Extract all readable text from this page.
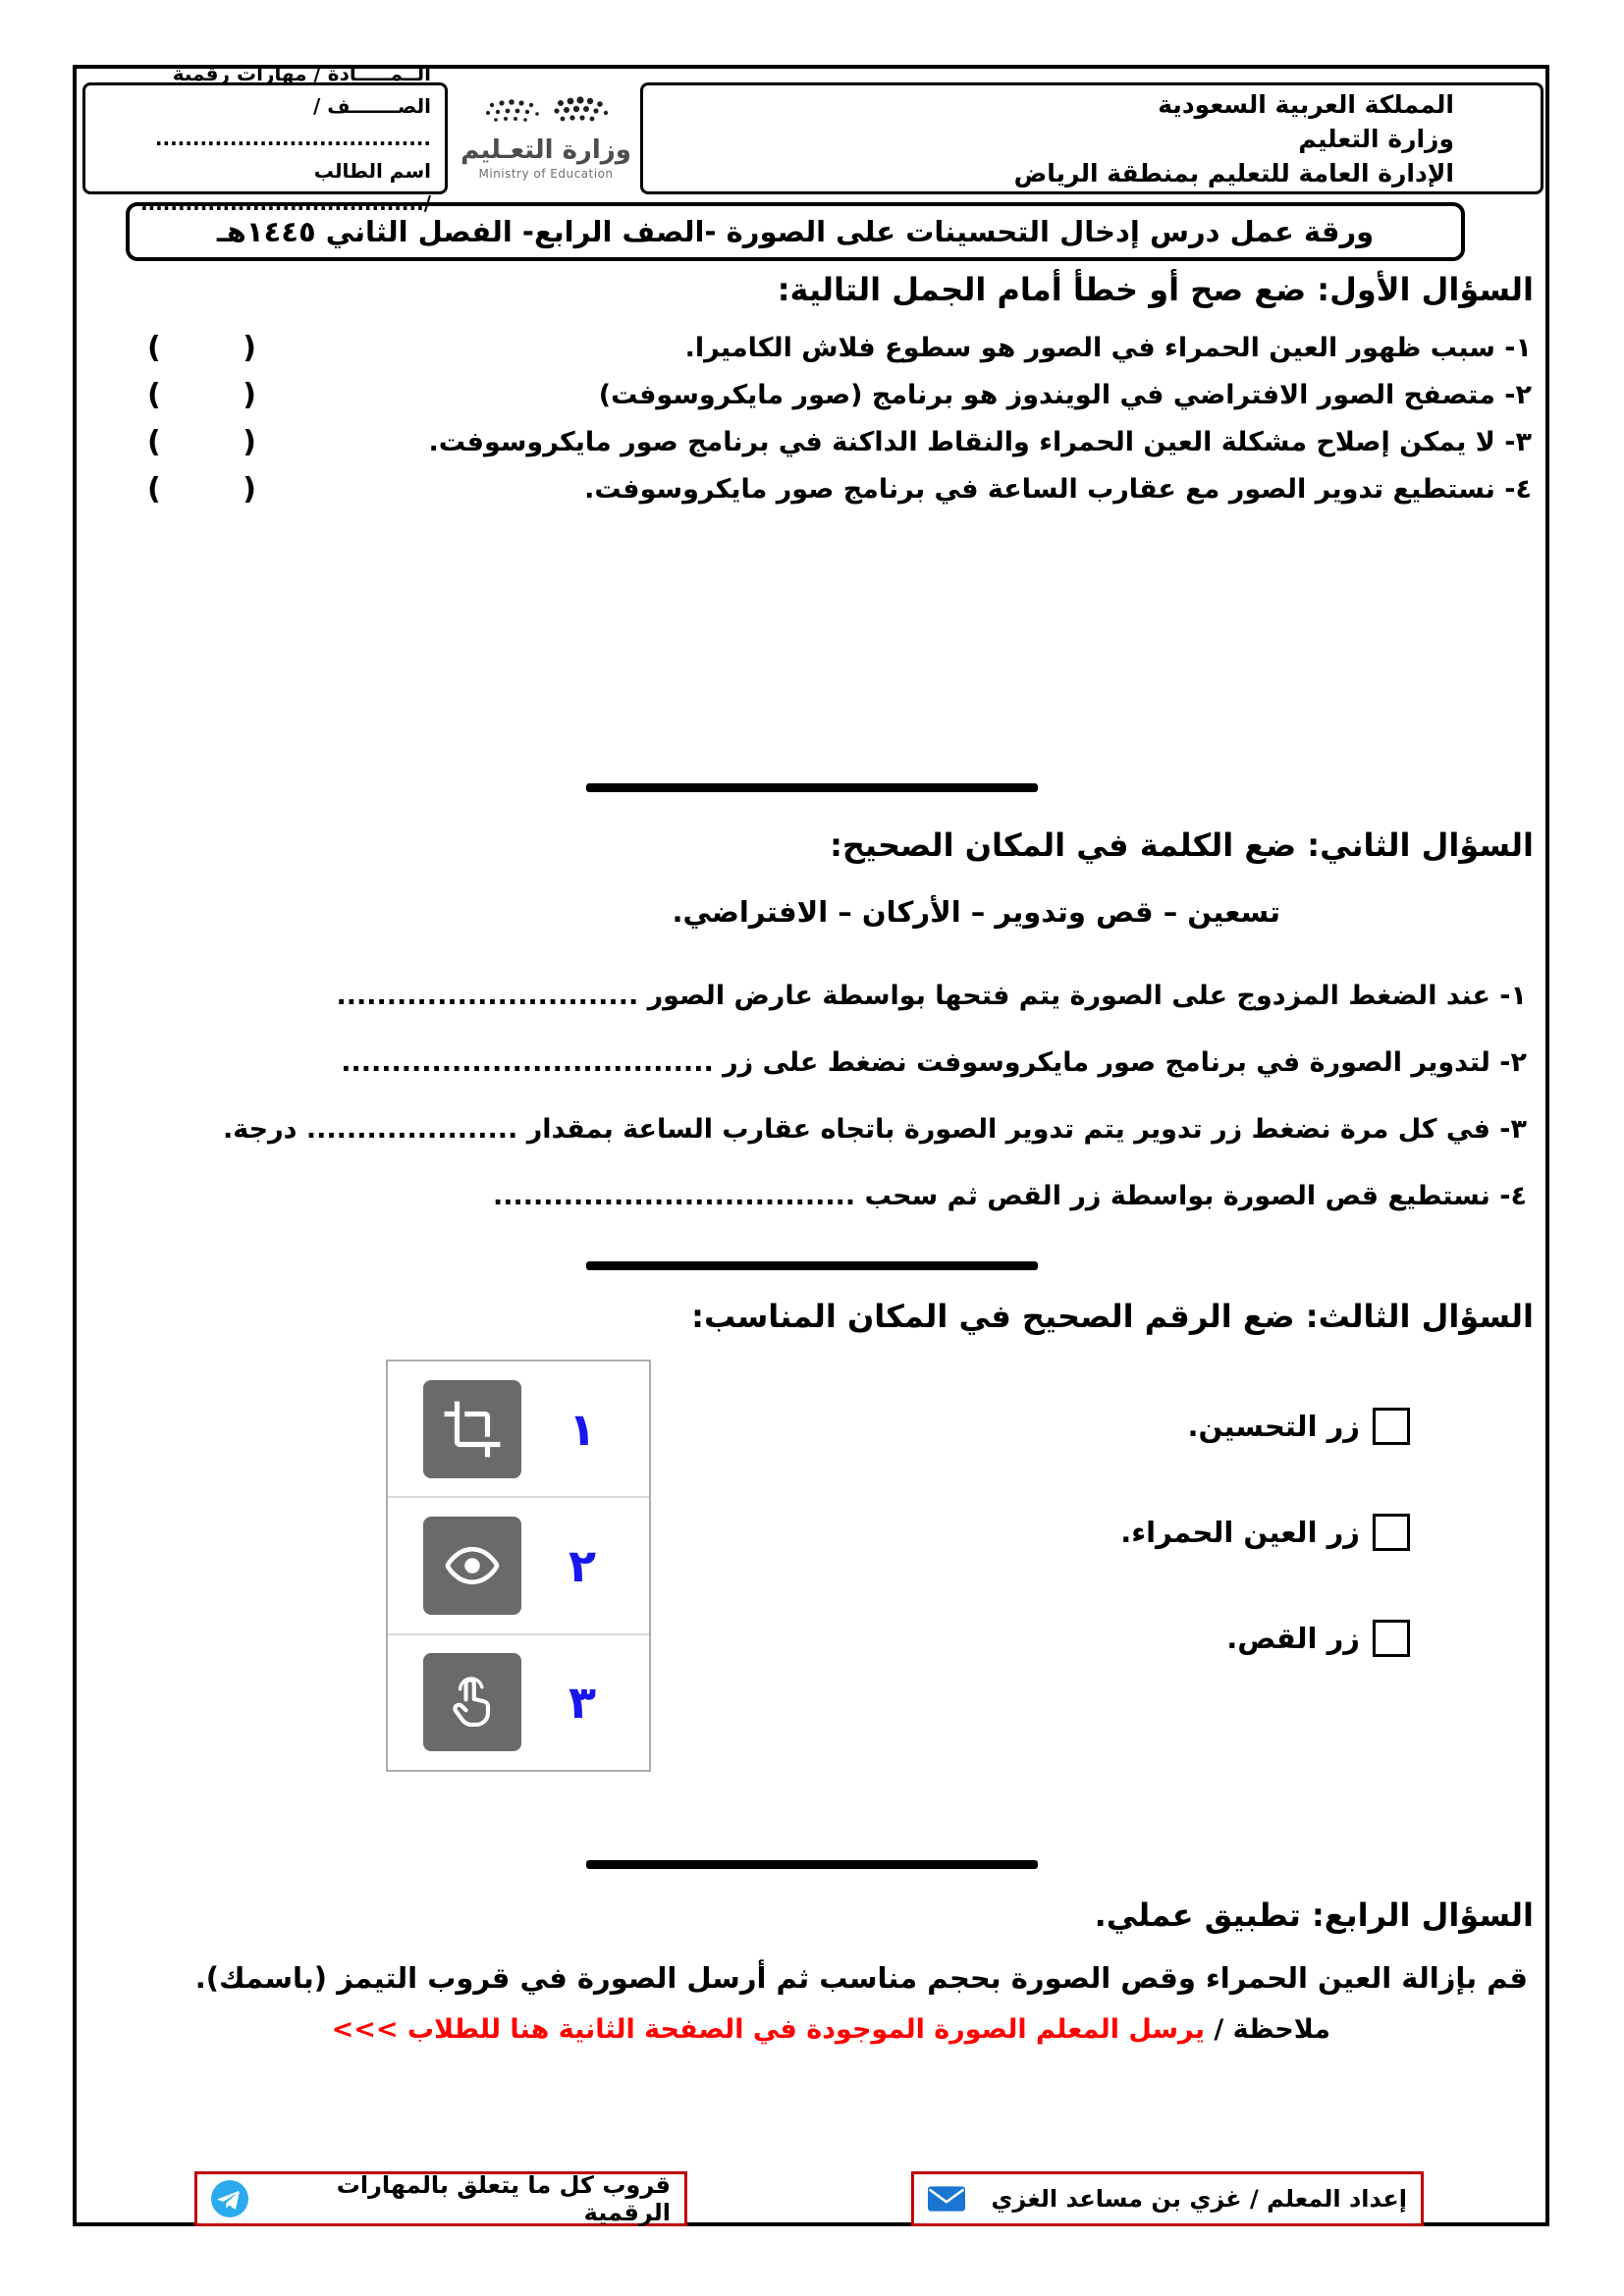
المملكة العربية السعودية
وزارة التعليم
الإدارة العامة للتعليم بمنطقة الرياض
وزارة التعـليم
Ministry of Education
الــمـــــادة / مهارات رقمية
الصـــــــف / .....................................
اسم الطالب /......................................
ورقة عمل درس إدخال التحسينات على الصورة -الصف الرابع- الفصل الثاني ١٤٤٥هـ
السؤال الأول: ضع صح أو خطأ أمام الجمل التالية:
١- سبب ظهور العين الحمراء في الصور هو سطوع فلاش الكاميرا.
(        )
٢- متصفح الصور الافتراضي في الويندوز هو برنامج (صور مايكروسوفت)
(        )
٣- لا يمكن إصلاح مشكلة العين الحمراء والنقاط الداكنة في برنامج صور مايكروسوفت.
(        )
٤- نستطيع تدوير الصور مع عقارب الساعة في برنامج صور مايكروسوفت.
(        )
السؤال الثاني: ضع الكلمة في المكان الصحيح:
تسعين – قص وتدوير – الأركان – الافتراضي.
١- عند الضغط المزدوج على الصورة يتم فتحها بواسطة عارض الصور ..............................
٢- لتدوير الصورة في برنامج صور مايكروسوفت نضغط على زر .....................................
٣- في كل مرة نضغط زر تدوير يتم تدوير الصورة باتجاه عقارب الساعة بمقدار ..................... درجة.
٤- نستطيع قص الصورة بواسطة زر القص ثم سحب ....................................
السؤال الثالث: ضع الرقم الصحيح في المكان المناسب:
١
٢
٣
زر التحسين.
زر العين الحمراء.
زر القص.
السؤال الرابع: تطبيق عملي.
قم بإزالة العين الحمراء وقص الصورة بحجم مناسب ثم أرسل الصورة في قروب التيمز (باسمك).
ملاحظة / يرسل المعلم الصورة الموجودة في الصفحة الثانية هنا للطلاب >>>
إعداد المعلم / غزي بن مساعد الغزي
قروب كل ما يتعلق بالمهارات الرقمية
